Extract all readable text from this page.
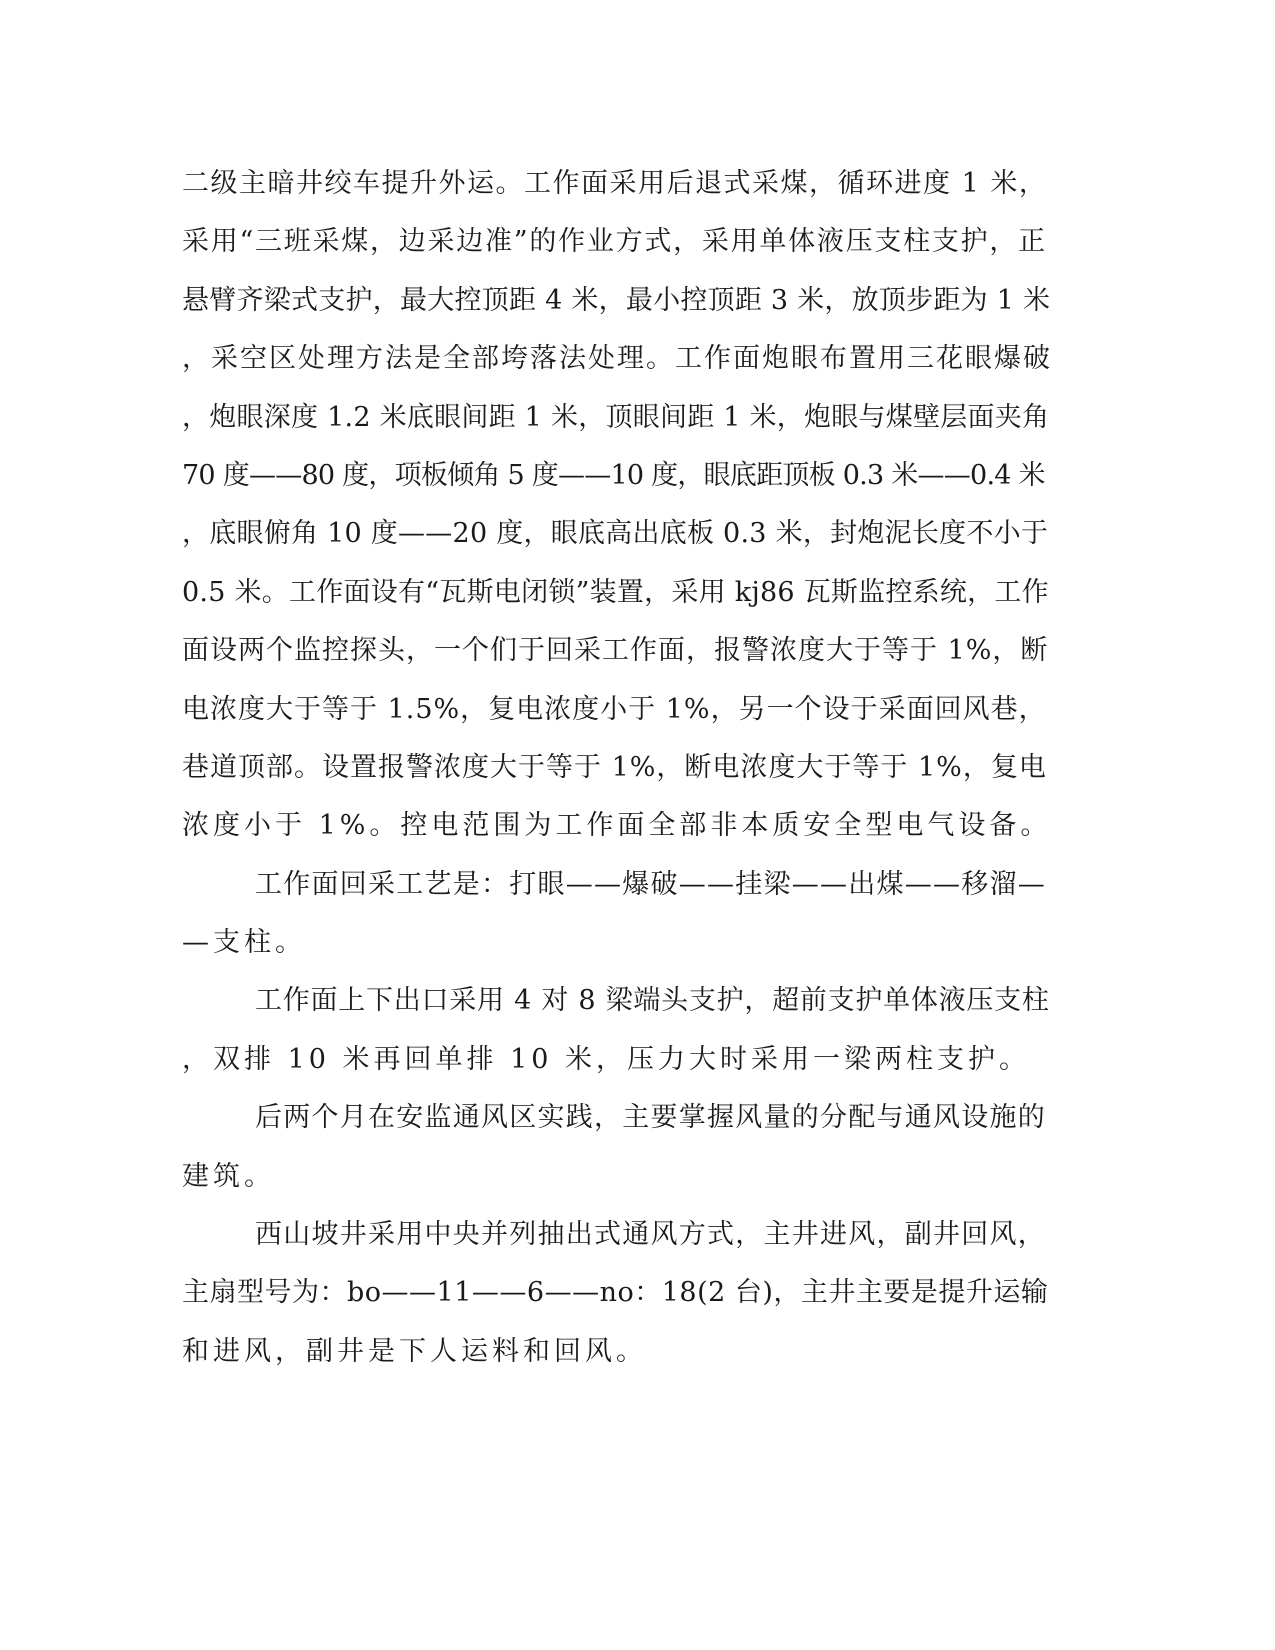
二级主暗井绞车提升外运。工作面采用后退式采煤，循环进度 1 米，
采用“三班采煤，边采边准”的作业方式，采用单体液压支柱支护，正
悬臂齐梁式支护，最大控顶距 4 米，最小控顶距 3 米，放顶步距为 1 米
，采空区处理方法是全部垮落法处理。工作面炮眼布置用三花眼爆破
，炮眼深度 1.2 米底眼间距 1 米，顶眼间距 1 米，炮眼与煤壁层面夹角
70 度——80 度，项板倾角 5 度——10 度，眼底距顶板 0.3 米——0.4 米
，底眼俯角 10 度——20 度，眼底高出底板 0.3 米，封炮泥长度不小于
0.5 米。工作面设有“瓦斯电闭锁”装置，采用 kj86 瓦斯监控系统，工作
面设两个监控探头，一个们于回采工作面，报警浓度大于等于 1%，断
电浓度大于等于 1.5%，复电浓度小于 1%，另一个设于采面回风巷，
巷道顶部。设置报警浓度大于等于 1%，断电浓度大于等于 1%，复电
浓度小于 1%。控电范围为工作面全部非本质安全型电气设备。
工作面回采工艺是：打眼——爆破——挂梁——出煤——移溜—
—支柱。
工作面上下出口采用 4 对 8 梁端头支护，超前支护单体液压支柱
，双排 10 米再回单排 10 米，压力大时采用一梁两柱支护。
后两个月在安监通风区实践，主要掌握风量的分配与通风设施的
建筑。
西山坡井采用中央并列抽出式通风方式，主井进风，副井回风，
主扇型号为：bo——11——6——no：18(2 台)，主井主要是提升运输
和进风，副井是下人运料和回风。
